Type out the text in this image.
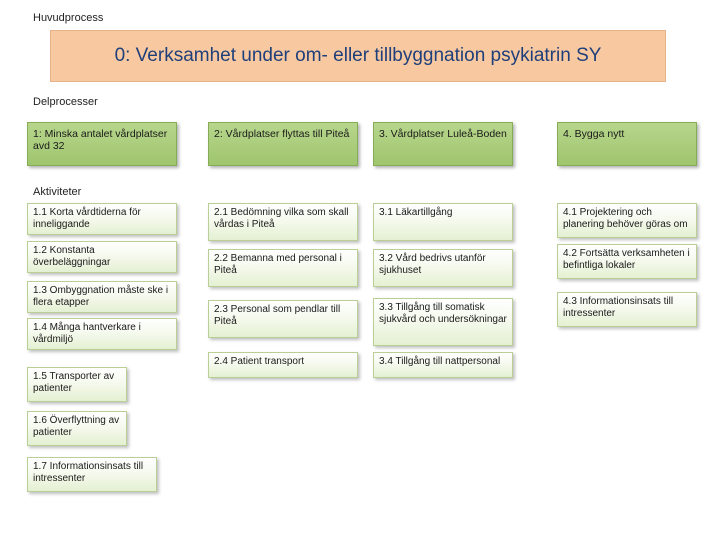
Huvudprocess
0: Verksamhet under om- eller tillbyggnation psykiatrin SY
Delprocesser
1: Minska antalet vårdplatser avd 32
2: Vårdplatser flyttas till Piteå	3. Vårdplatser Luleå-Boden	4. Bygga nytt
Aktiviteter
1.1 Korta vårdtiderna för inneliggande
1.2 Konstanta överbeläggningar
1.3 Ombyggnation måste ske i flera etapper
1.4 Många hantverkare i vårdmiljö
1.5 Transporter av patienter
1.6 Överflyttning av patienter
1.7 Informationsinsats till intressenter
2.1 Bedömning vilka som skall vårdas i Piteå
2.2 Bemanna med personal i Piteå
2.3 Personal som pendlar till Piteå
2.4 Patient transport
3.1 Läkartillgång
3.2 Vård bedrivs utanför sjukhuset
3.3 Tillgång till somatisk sjukvård och undersökningar
3.4 Tillgång till nattpersonal
4.1 Projektering och planering behöver göras om
4.2 Fortsätta verksamheten i befintliga lokaler
4.3 Informationsinsats till intressenter
